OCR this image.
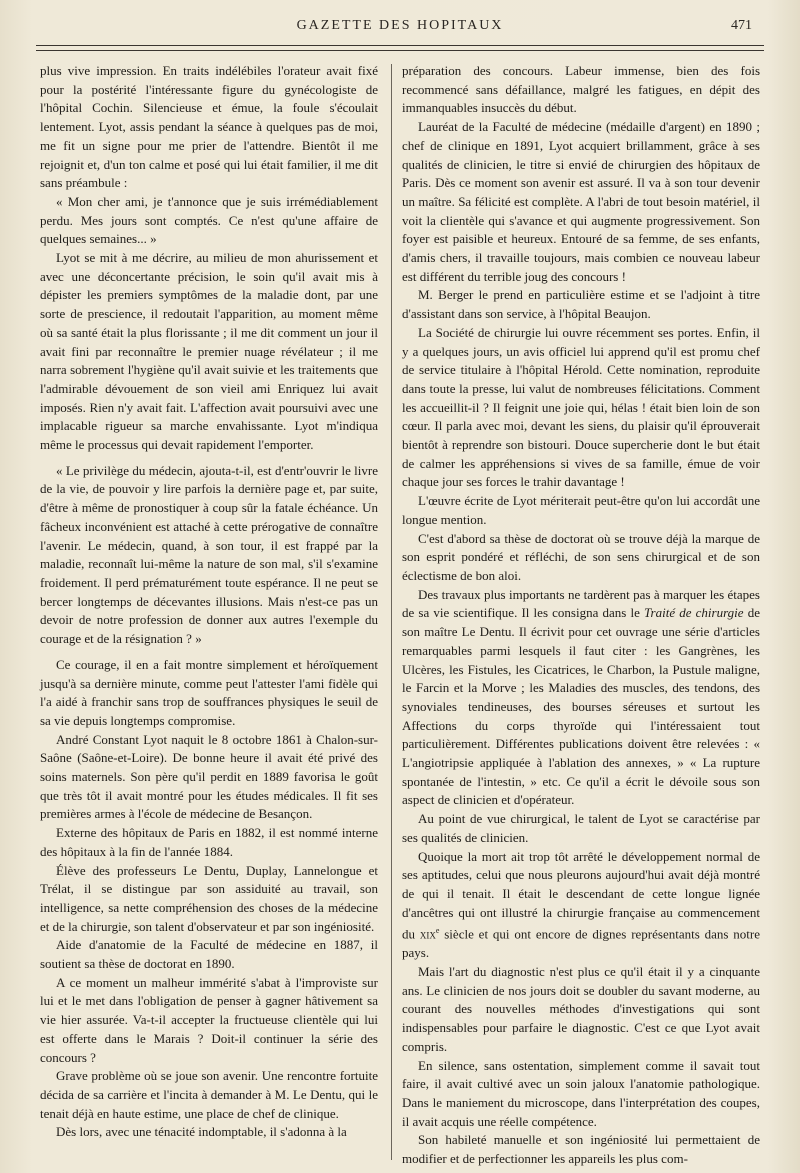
GAZETTE DES HOPITAUX	471

plus vive impression. En traits indélébiles l'orateur avait fixé pour la postérité l'intéressante figure du gynécologiste de l'hôpital Cochin. Silencieuse et émue, la foule s'écoulait lentement. Lyot, assis pendant la séance à quelques pas de moi, me fit un signe pour me prier de l'attendre. Bientôt il me rejoignit et, d'un ton calme et posé qui lui était familier, il me dit sans préambule :

« Mon cher ami, je t'annonce que je suis irrémédiablement perdu. Mes jours sont comptés. Ce n'est qu'une affaire de quelques semaines... »

Lyot se mit à me décrire, au milieu de mon ahurissement et avec une déconcertante précision, le soin qu'il avait mis à dépister les premiers symptômes de la maladie dont, par une sorte de prescience, il redoutait l'apparition, au moment même où sa santé était la plus florissante ; il me dit comment un jour il avait fini par reconnaître le premier nuage révélateur ; il me narra sobrement l'hygiène qu'il avait suivie et les traitements que l'admirable dévouement de son vieil ami Enriquez lui avait imposés. Rien n'y avait fait. L'affection avait poursuivi avec une implacable rigueur sa marche envahissante. Lyot m'indiqua même le processus qui devait rapidement l'emporter.

« Le privilège du médecin, ajouta-t-il, est d'entr'ouvrir le livre de la vie, de pouvoir y lire parfois la dernière page et, par suite, d'être à même de pronostiquer à coup sûr la fatale échéance. Un fâcheux inconvénient est attaché à cette prérogative de connaître l'avenir. Le médecin, quand, à son tour, il est frappé par la maladie, reconnaît lui-même la nature de son mal, s'il s'examine froidement. Il perd prématurément toute espérance. Il ne peut se bercer longtemps de décevantes illusions. Mais n'est-ce pas un devoir de notre profession de donner aux autres l'exemple du courage et de la résignation ? »

Ce courage, il en a fait montre simplement et héroïquement jusqu'à sa dernière minute, comme peut l'attester l'ami fidèle qui l'a aidé à franchir sans trop de souffrances physiques le seuil de sa vie depuis longtemps compromise.

André Constant Lyot naquit le 8 octobre 1861 à Chalon-sur-Saône (Saône-et-Loire). De bonne heure il avait été privé des soins maternels. Son père qu'il perdit en 1889 favorisa le goût que très tôt il avait montré pour les études médicales. Il fit ses premières armes à l'école de médecine de Besançon.

Externe des hôpitaux de Paris en 1882, il est nommé interne des hôpitaux à la fin de l'année 1884.

Élève des professeurs Le Dentu, Duplay, Lannelongue et Trélat, il se distingue par son assiduité au travail, son intelligence, sa nette compréhension des choses de la médecine et de la chirurgie, son talent d'observateur et par son ingéniosité.

Aide d'anatomie de la Faculté de médecine en 1887, il soutient sa thèse de doctorat en 1890.

A ce moment un malheur immérité s'abat à l'improviste sur lui et le met dans l'obligation de penser à gagner hâtivement sa vie hier assurée. Va-t-il accepter la fructueuse clientèle qui lui est offerte dans le Marais ? Doit-il continuer la série des concours ?

Grave problème où se joue son avenir. Une rencontre fortuite décida de sa carrière et l'incita à demander à M. Le Dentu, qui le tenait déjà en haute estime, une place de chef de clinique.

Dès lors, avec une ténacité indomptable, il s'adonna à la

préparation des concours. Labeur immense, bien des fois recommencé sans défaillance, malgré les fatigues, en dépit des immanquables insuccès du début.

Lauréat de la Faculté de médecine (médaille d'argent) en 1890 ; chef de clinique en 1891, Lyot acquiert brillamment, grâce à ses qualités de clinicien, le titre si envié de chirurgien des hôpitaux de Paris. Dès ce moment son avenir est assuré. Il va à son tour devenir un maître. Sa félicité est complète. A l'abri de tout besoin matériel, il voit la clientèle qui s'avance et qui augmente progressivement. Son foyer est paisible et heureux. Entouré de sa femme, de ses enfants, d'amis chers, il travaille toujours, mais combien ce nouveau labeur est différent du terrible joug des concours !

M. Berger le prend en particulière estime et se l'adjoint à titre d'assistant dans son service, à l'hôpital Beaujon.

La Société de chirurgie lui ouvre récemment ses portes. Enfin, il y a quelques jours, un avis officiel lui apprend qu'il est promu chef de service titulaire à l'hôpital Hérold. Cette nomination, reproduite dans toute la presse, lui valut de nombreuses félicitations. Comment les accueillit-il ? Il feignit une joie qui, hélas ! était bien loin de son cœur. Il parla avec moi, devant les siens, du plaisir qu'il éprouverait bientôt à reprendre son bistouri. Douce supercherie dont le but était de calmer les appréhensions si vives de sa famille, émue de voir chaque jour ses forces le trahir davantage !

L'œuvre écrite de Lyot mériterait peut-être qu'on lui accordât une longue mention.

C'est d'abord sa thèse de doctorat où se trouve déjà la marque de son esprit pondéré et réfléchi, de son sens chirurgical et de son éclectisme de bon aloi.

Des travaux plus importants ne tardèrent pas à marquer les étapes de sa vie scientifique. Il les consigna dans le Traité de chirurgie de son maître Le Dentu. Il écrivit pour cet ouvrage une série d'articles remarquables parmi lesquels il faut citer : les Gangrènes, les Ulcères, les Fistules, les Cicatrices, le Charbon, la Pustule maligne, le Farcin et la Morve ; les Maladies des muscles, des tendons, des synoviales tendineuses, des bourses séreuses et surtout les Affections du corps thyroïde qui l'intéressaient tout particulièrement. Différentes publications doivent être relevées : « L'angiotripsie appliquée à l'ablation des annexes, » « La rupture spontanée de l'intestin, » etc. Ce qu'il a écrit le dévoile sous son aspect de clinicien et d'opérateur.

Au point de vue chirurgical, le talent de Lyot se caractérise par ses qualités de clinicien.

Quoique la mort ait trop tôt arrêté le développement normal de ses aptitudes, celui que nous pleurons aujourd'hui avait déjà montré de qui il tenait. Il était le descendant de cette longue lignée d'ancêtres qui ont illustré la chirurgie française au commencement du xix$^e$ siècle et qui ont encore de dignes représentants dans notre pays.

Mais l'art du diagnostic n'est plus ce qu'il était il y a cinquante ans. Le clinicien de nos jours doit se doubler du savant moderne, au courant des nouvelles méthodes d'investigations qui sont indispensables pour parfaire le diagnostic. C'est ce que Lyot avait compris.

En silence, sans ostentation, simplement comme il savait tout faire, il avait cultivé avec un soin jaloux l'anatomie pathologique. Dans le maniement du microscope, dans l'interprétation des coupes, il avait acquis une réelle compétence.

Son habileté manuelle et son ingéniosité lui permettaient de modifier et de perfectionner les appareils les plus com-
